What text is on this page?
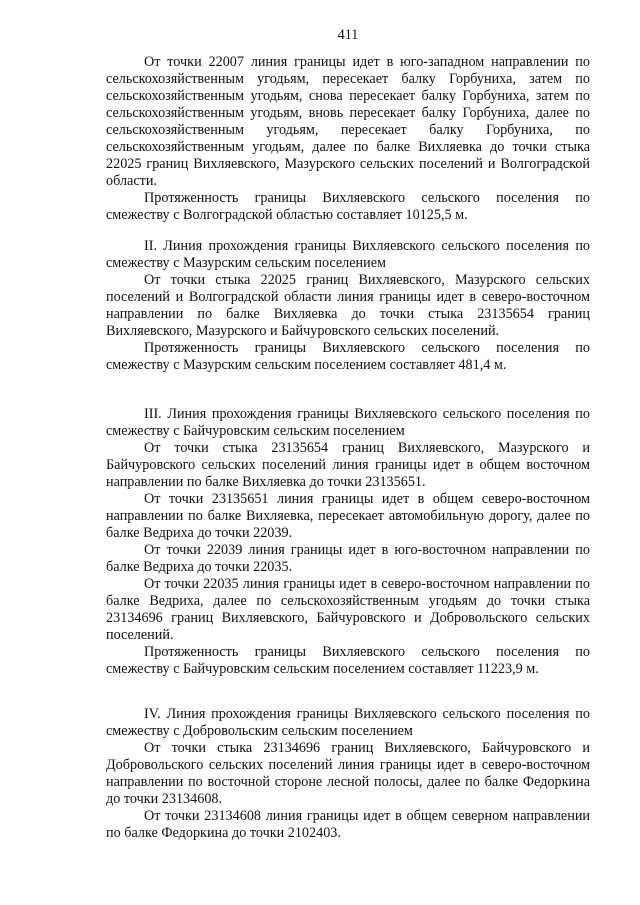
411

От точки 22007 линия границы идет в юго-западном направлении по сельскохозяйственным угодьям, пересекает балку Горбуниха, затем по сельскохозяйственным угодьям, снова пересекает балку Горбуниха, затем по сельскохозяйственным угодьям, вновь пересекает балку Горбуниха, далее по сельскохозяйственным угодьям, пересекает балку Горбуниха, по сельскохозяйственным угодьям, далее по балке Вихляевка до точки стыка 22025 границ Вихляевского, Мазурского сельских поселений и Волгоградской области.

Протяженность границы Вихляевского сельского поселения по смежеству с Волгоградской областью составляет 10125,5 м.

II. Линия прохождения границы Вихляевского сельского поселения по смежеству с Мазурским сельским поселением

От точки стыка 22025 границ Вихляевского, Мазурского сельских поселений и Волгоградской области линия границы идет в северо-восточном направлении по балке Вихляевка до точки стыка 23135654 границ Вихляевского, Мазурского и Байчуровского сельских поселений.

Протяженность границы Вихляевского сельского поселения по смежеству с Мазурским сельским поселением составляет 481,4 м.

III. Линия прохождения границы Вихляевского сельского поселения по смежеству с Байчуровским сельским поселением

От точки стыка 23135654 границ Вихляевского, Мазурского и Байчуровского сельских поселений линия границы идет в общем восточном направлении по балке Вихляевка до точки 23135651.

От точки 23135651 линия границы идет в общем северо-восточном направлении по балке Вихляевка, пересекает автомобильную дорогу, далее по балке Ведриха до точки 22039.

От точки 22039 линия границы идет в юго-восточном направлении по балке Ведриха до точки 22035.

От точки 22035 линия границы идет в северо-восточном направлении по балке Ведриха, далее по сельскохозяйственным угодьям до точки стыка 23134696 границ Вихляевского, Байчуровского и Добровольского сельских поселений.

Протяженность границы Вихляевского сельского поселения по смежеству с Байчуровским сельским поселением составляет 11223,9 м.

IV. Линия прохождения границы Вихляевского сельского поселения по смежеству с Добровольским сельским поселением

От точки стыка 23134696 границ Вихляевского, Байчуровского и Добровольского сельских поселений линия границы идет в северо-восточном направлении по восточной стороне лесной полосы, далее по балке Федоркина до точки 23134608.

От точки 23134608 линия границы идет в общем северном направлении по балке Федоркина до точки 2102403.
